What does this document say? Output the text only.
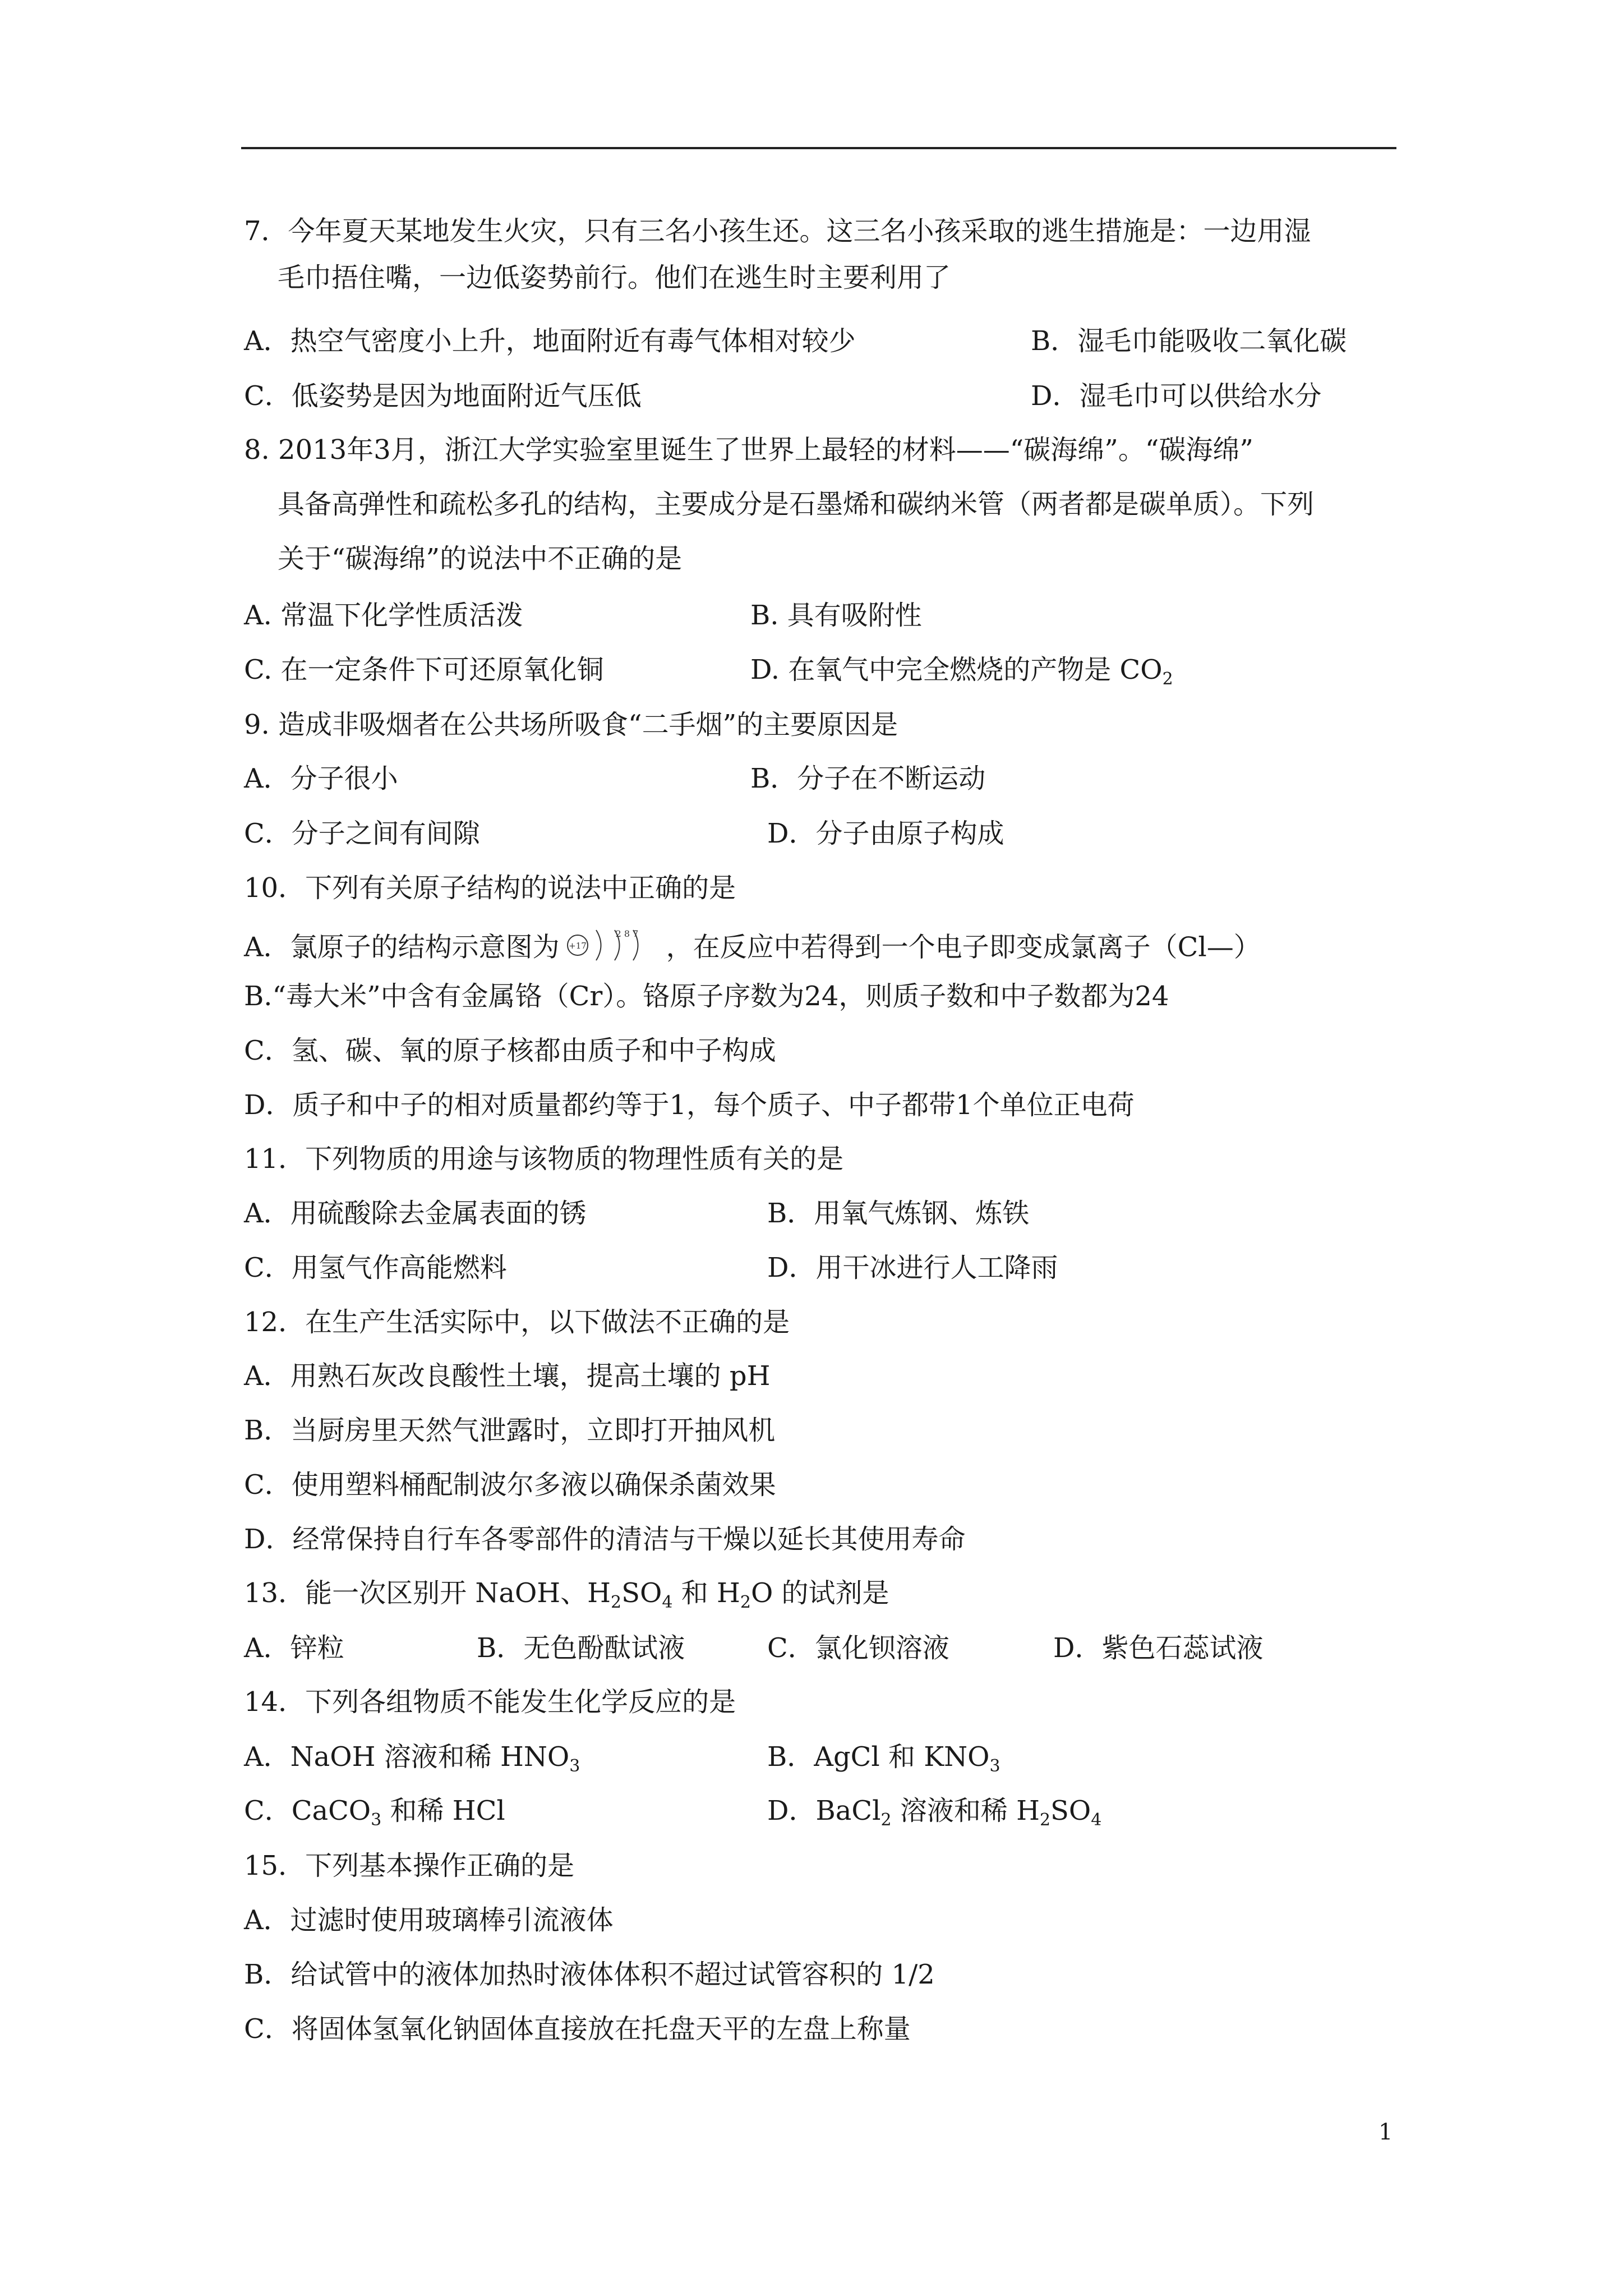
7．今年夏天某地发生火灾，只有三名小孩生还。这三名小孩采取的逃生措施是：一边用湿
毛巾捂住嘴，一边低姿势前行。他们在逃生时主要利用了
A．热空气密度小上升，地面附近有毒气体相对较少	B．湿毛巾能吸收二氧化碳
C．低姿势是因为地面附近气压低	D．湿毛巾可以供给水分
8. 2013年3月，浙江大学实验室里诞生了世界上最轻的材料——“碳海绵”。“碳海绵”
具备高弹性和疏松多孔的结构，主要成分是石墨烯和碳纳米管（两者都是碳单质）。下列
关于“碳海绵”的说法中不正确的是
A. 常温下化学性质活泼	B. 具有吸附性
C. 在一定条件下可还原氧化铜	D. 在氧气中完全燃烧的产物是 $CO_2$
9. 造成非吸烟者在公共场所吸食“二手烟”的主要原因是
A．分子很小	B．分子在不断运动
C．分子之间有间隙	D．分子由原子构成
10．下列有关原子结构的说法中正确的是
A．氯原子的结构示意图为 +17
2 8 7 ，在反应中若得到一个电子即变成氯离子（Cl—）
B.“毒大米”中含有金属铬（Cr）。铬原子序数为24，则质子数和中子数都为24
C．氢、碳、氧的原子核都由质子和中子构成
D．质子和中子的相对质量都约等于1，每个质子、中子都带1个单位正电荷
11．下列物质的用途与该物质的物理性质有关的是
A．用硫酸除去金属表面的锈	B．用氧气炼钢、炼铁
C．用氢气作高能燃料	D．用干冰进行人工降雨
12．在生产生活实际中，以下做法不正确的是
A．用熟石灰改良酸性土壤，提高土壤的 pH
B．当厨房里天然气泄露时，立即打开抽风机
C．使用塑料桶配制波尔多液以确保杀菌效果
D．经常保持自行车各零部件的清洁与干燥以延长其使用寿命
13．能一次区别开 NaOH、$H_2SO_4$ 和 $H_2O$ 的试剂是
A．锌粒	B．无色酚酞试液	C．氯化钡溶液	D．紫色石蕊试液
14．下列各组物质不能发生化学反应的是
A．NaOH 溶液和稀 $HNO_3$	B．AgCl 和 $KNO_3$
C．CaCO$_3$ 和稀 HCl	D．BaCl$_2$ 溶液和稀 $H_2SO_4$
15．下列基本操作正确的是
A．过滤时使用玻璃棒引流液体
B．给试管中的液体加热时液体体积不超过试管容积的 1/2
C．将固体氢氧化钠固体直接放在托盘天平的左盘上称量
1
